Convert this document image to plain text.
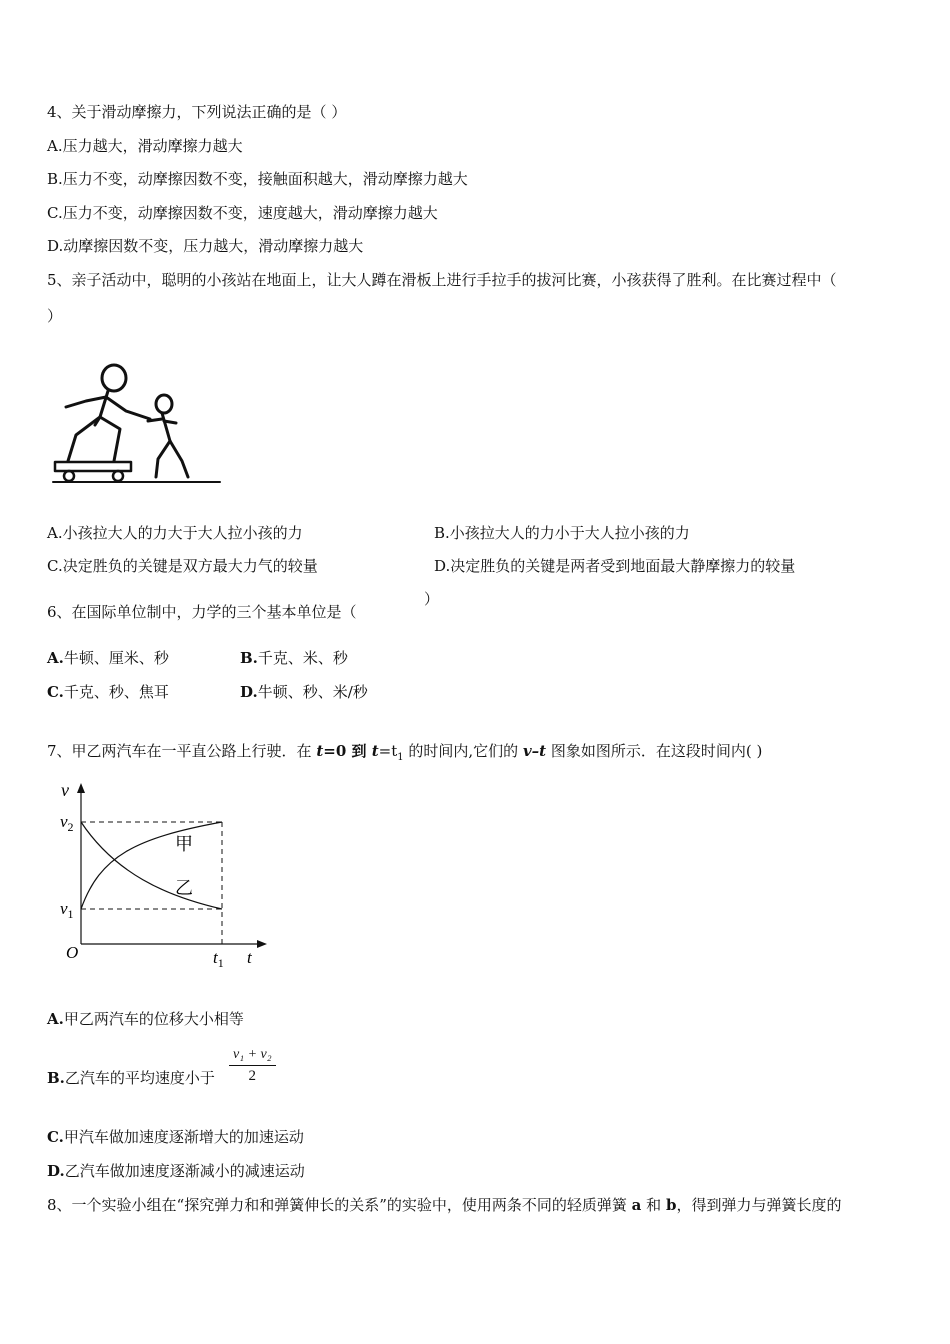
4、关于滑动摩擦力，下列说法正确的是（ ）
A.压力越大，滑动摩擦力越大
B.压力不变，动摩擦因数不变，接触面积越大，滑动摩擦力越大
C.压力不变，动摩擦因数不变，速度越大，滑动摩擦力越大
D.动摩擦因数不变，压力越大，滑动摩擦力越大
5、亲子活动中，聪明的小孩站在地面上，让大人蹲在滑板上进行手拉手的拔河比赛，小孩获得了胜利。在比赛过程中（
）
A.小孩拉大人的力大于大人拉小孩的力	B.小孩拉大人的力小于大人拉小孩的力
C.决定胜负的关键是双方最大力气的较量	D.决定胜负的关键是两者受到地面最大静摩擦力的较量
6、在国际单位制中，力学的三个基本单位是（
）
A.牛顿、厘米、秒	B.千克、米、秒
C.千克、秒、焦耳	D.牛顿、秒、米/秒
7、甲乙两汽车在一平直公路上行驶．在 t=0 到 $t=t_1$ 的时间内,它们的 v–t 图象如图所示．在这段时间内( )
v
$v_2$
$v_1$
O	$t_1$ t
甲
乙
A.甲乙两汽车的位移大小相等
B.乙汽车的平均速度小于 $\frac{\text{v₁ + v₂}}{2}$
C.甲汽车做加速度逐渐增大的加速运动
D.乙汽车做加速度逐渐减小的减速运动
8、一个实验小组在“探究弹力和和弹簧伸长的关系”的实验中，使用两条不同的轻质弹簧 a 和 b，得到弹力与弹簧长度的
